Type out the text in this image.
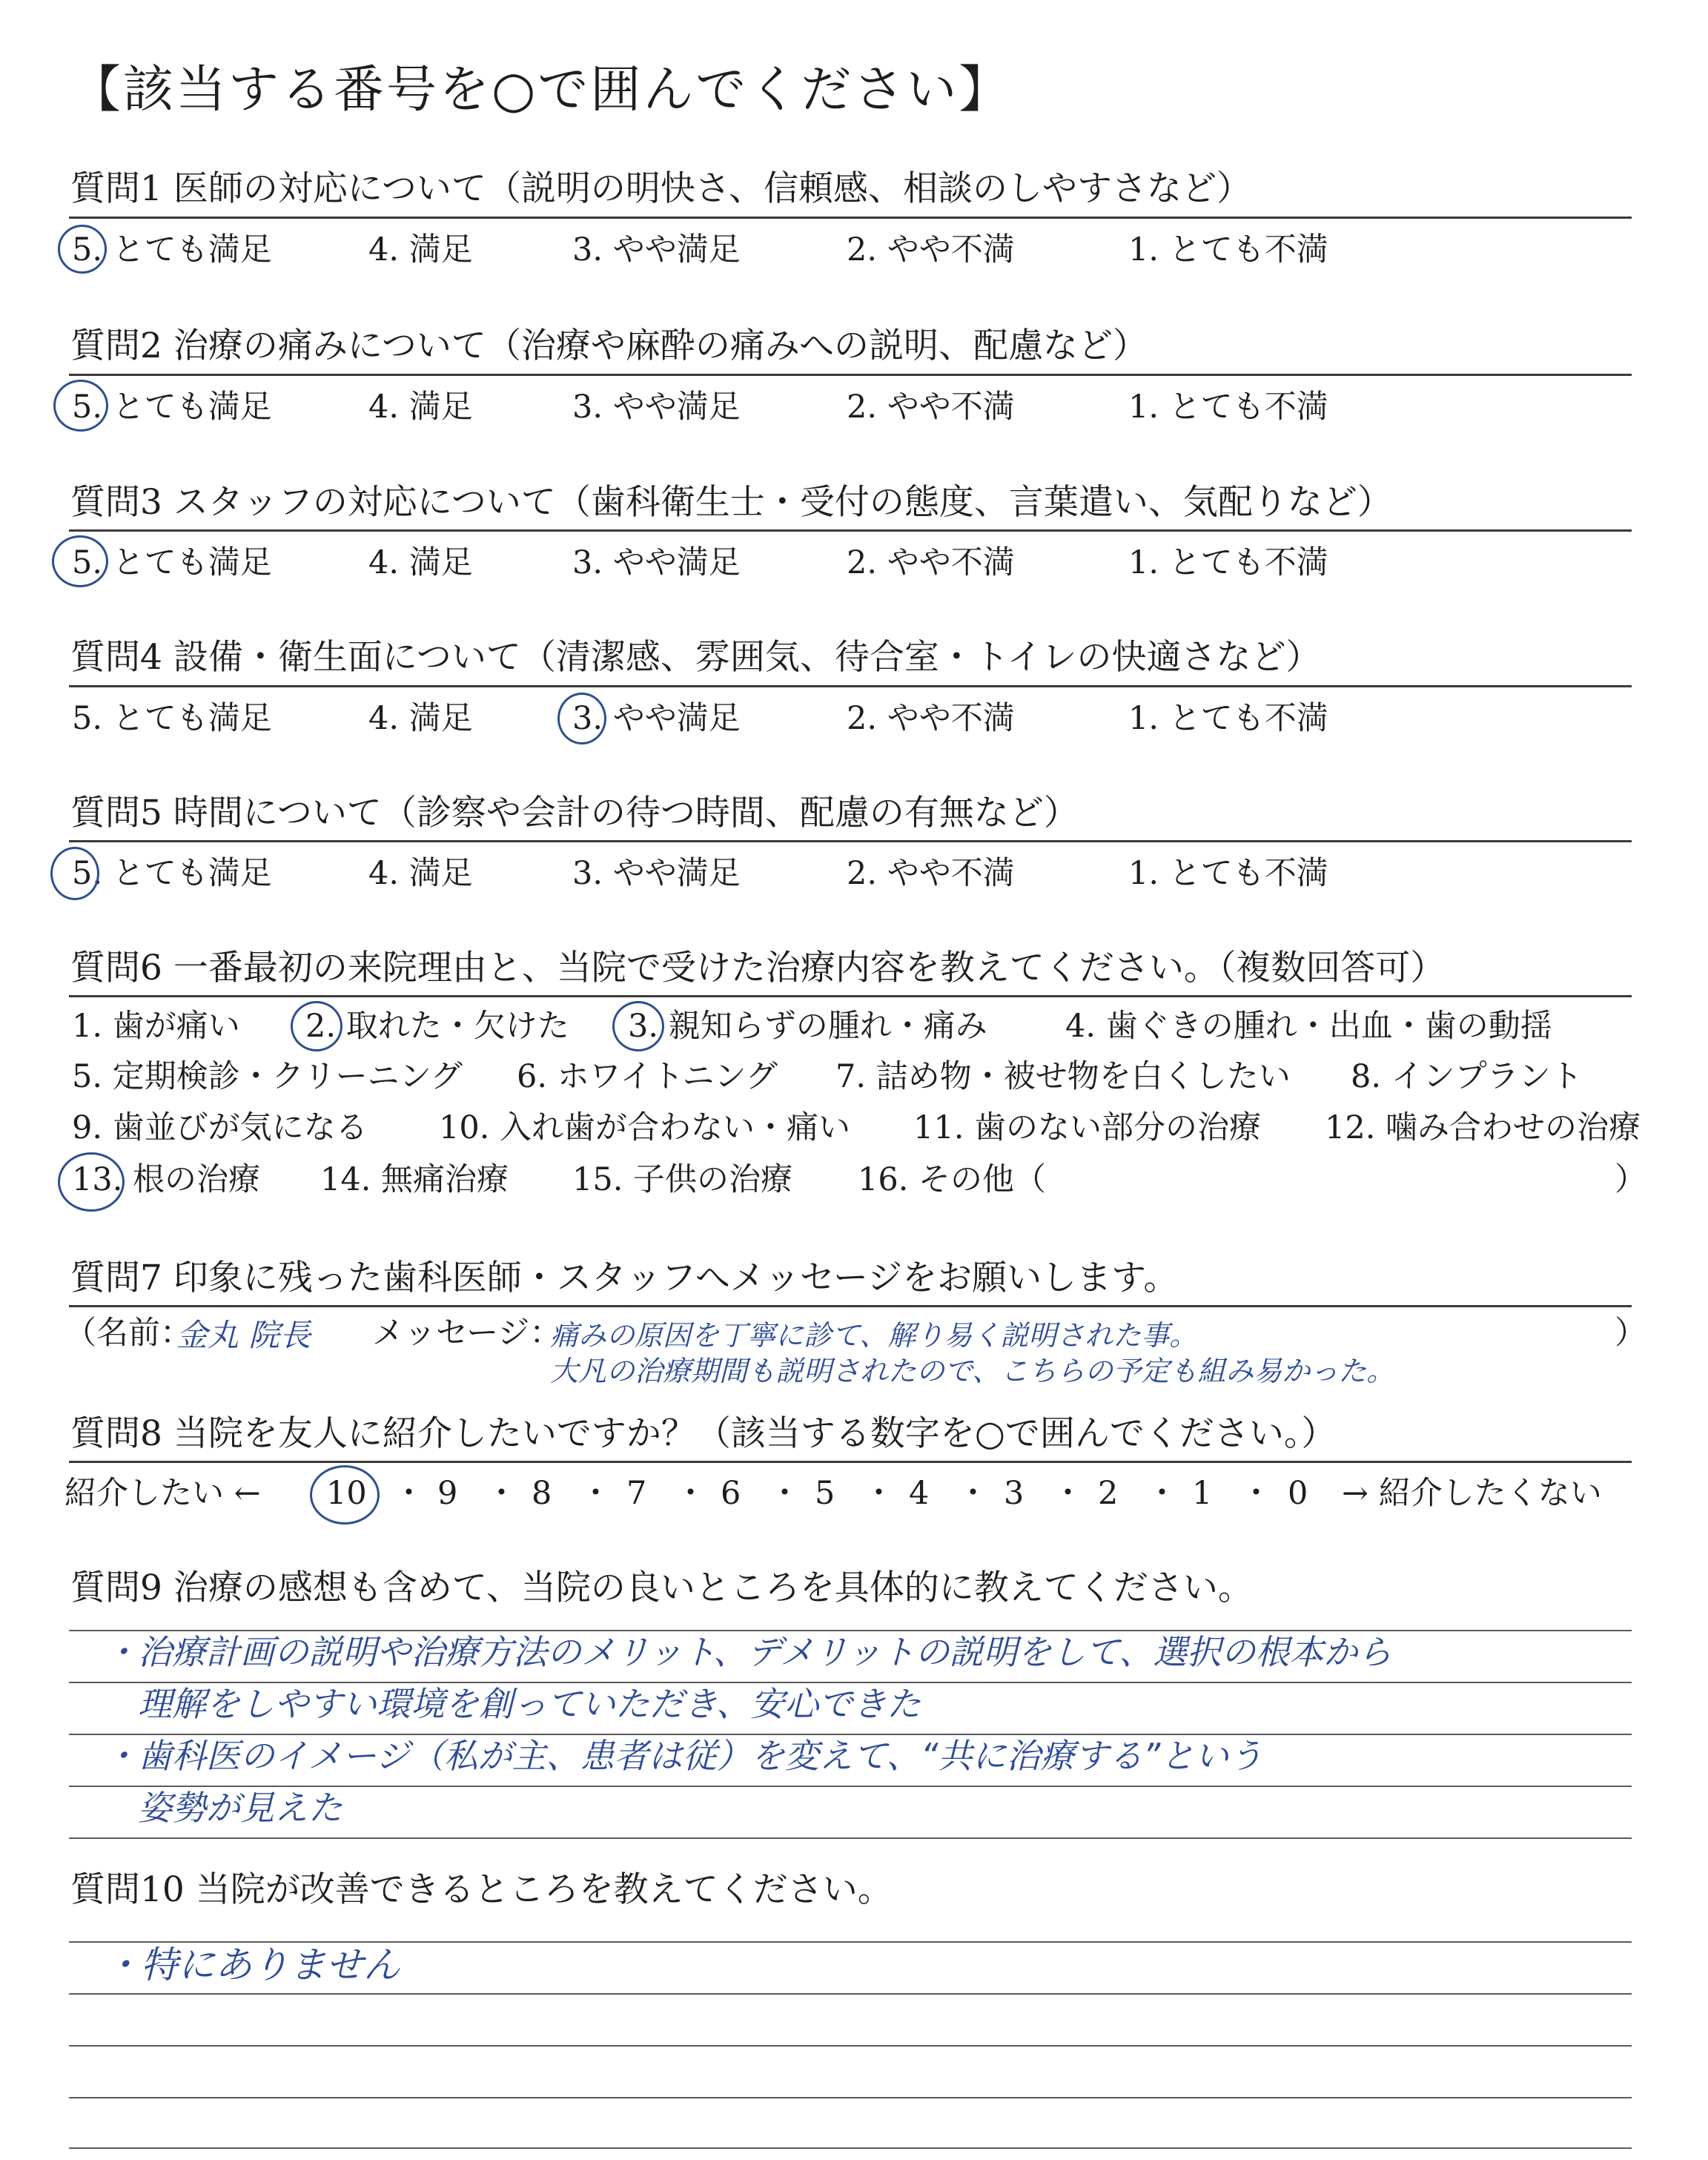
【該当する番号を○で囲んでください】
質問1 医師の対応について（説明の明快さ、信頼感、相談のしやすさなど）
5. とても満足	4. 満足	3. やや満足	2. やや不満	1. とても不満
質問2 治療の痛みについて（治療や麻酔の痛みへの説明、配慮など）
5. とても満足	4. 満足	3. やや満足	2. やや不満	1. とても不満
質問3 スタッフの対応について（歯科衛生士・受付の態度、言葉遣い、気配りなど）
5. とても満足	4. 満足	3. やや満足	2. やや不満	1. とても不満
質問4 設備・衛生面について（清潔感、雰囲気、待合室・トイレの快適さなど）
5. とても満足	4. 満足	3. やや満足	2. やや不満	1. とても不満
質問5 時間について（診察や会計の待つ時間、配慮の有無など）
5. とても満足	4. 満足	3. やや満足	2. やや不満	1. とても不満
質問6 一番最初の来院理由と、当院で受けた治療内容を教えてください。（複数回答可）
1. 歯が痛い 2. 取れた・欠けた 3. 親知らずの腫れ・痛み 4. 歯ぐきの腫れ・出血・歯の動揺
5. 定期検診・クリーニング 6. ホワイトニング 7. 詰め物・被せ物を白くしたい 8. インプラント
9. 歯並びが気になる 10. 入れ歯が合わない・痛い 11. 歯のない部分の治療 12. 噛み合わせの治療
13. 根の治療 14. 無痛治療 15. 子供の治療 16. その他（	）
質問7 印象に残った歯科医師・スタッフへメッセージをお願いします。
（名前：
金丸 院長 メッセージ：
痛みの原因を丁寧に診て、解り易く説明された事。
大凡の治療期間も説明されたので、こちらの予定も組み易かった。
）
質問8 当院を友人に紹介したいですか？（該当する数字を○で囲んでください。）
紹介したい ← 10 ・ 9 ・ 8 ・ 7 ・ 6 ・ 5 ・ 4 ・ 3 ・ 2 ・ 1 ・ 0 → 紹介したくない
質問9 治療の感想も含めて、当院の良いところを具体的に教えてください。
・治療計画の説明や治療方法のメリット、デメリットの説明をして、選択の根本から
　理解をしやすい環境を創っていただき、安心できた
・歯科医のイメージ（私が主、患者は従）を変えて、“共に治療する”という
　姿勢が見えた
質問10 当院が改善できるところを教えてください。
・特にありません
